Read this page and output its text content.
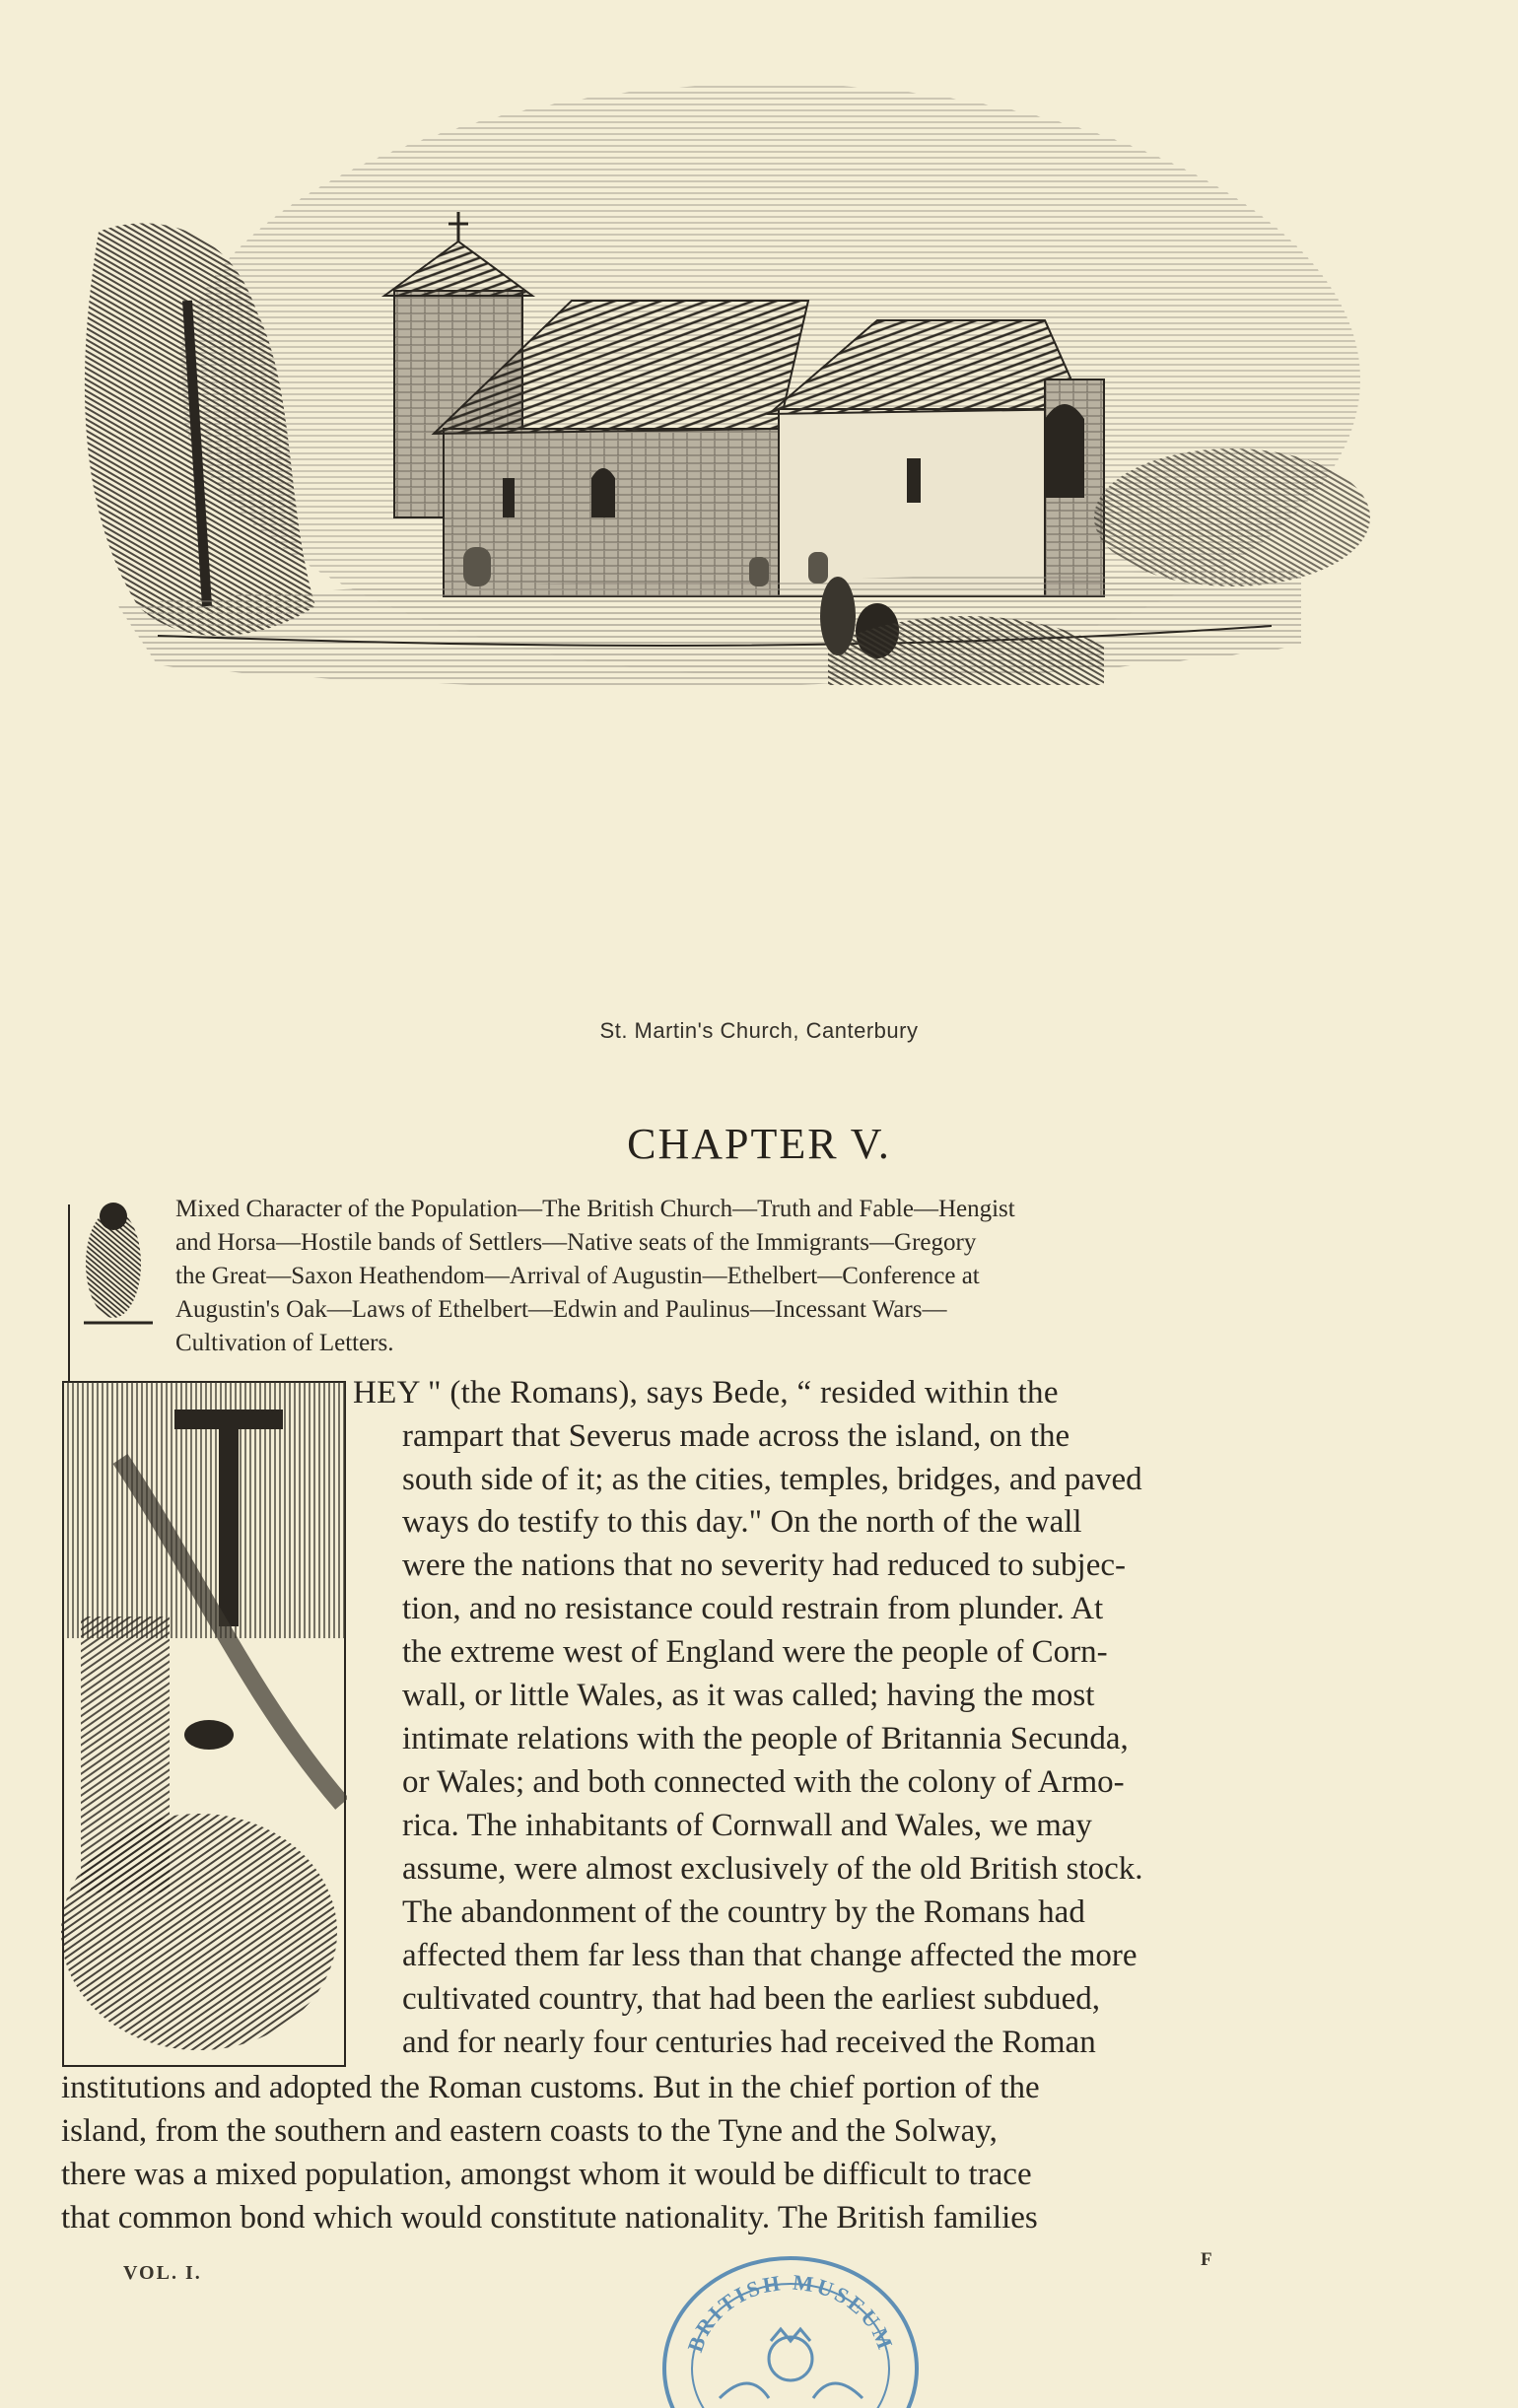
St. Martin's Church, Canterbury
CHAPTER V.
Mixed Character of the Population—The British Church—Truth and Fable—Hengist
and Horsa—Hostile bands of Settlers—Native seats of the Immigrants—Gregory
the Great—Saxon Heathendom—Arrival of Augustin—Ethelbert—Conference at
Augustin's Oak—Laws of Ethelbert—Edwin and Paulinus—Incessant Wars—
Cultivation of Letters.
HEY " (the Romans), says Bede, “ resided within the
rampart that Severus made across the island, on the
south side of it; as the cities, temples, bridges, and paved
ways do testify to this day." On the north of the wall
were the nations that no severity had reduced to subjec-
tion, and no resistance could restrain from plunder. At
the extreme west of England were the people of Corn-
wall, or little Wales, as it was called; having the most
intimate relations with the people of Britannia Secunda,
or Wales; and both connected with the colony of Armo-
rica. The inhabitants of Cornwall and Wales, we may
assume, were almost exclusively of the old British stock.
The abandonment of the country by the Romans had
affected them far less than that change affected the more
cultivated country, that had been the earliest subdued,
and for nearly four centuries had received the Roman
institutions and adopted the Roman customs. But in the chief portion of the
island, from the southern and eastern coasts to the Tyne and the Solway,
there was a mixed population, amongst whom it would be difficult to trace
that common bond which would constitute nationality. The British families
VOL. I.
F
BRITISH MUSEUM
